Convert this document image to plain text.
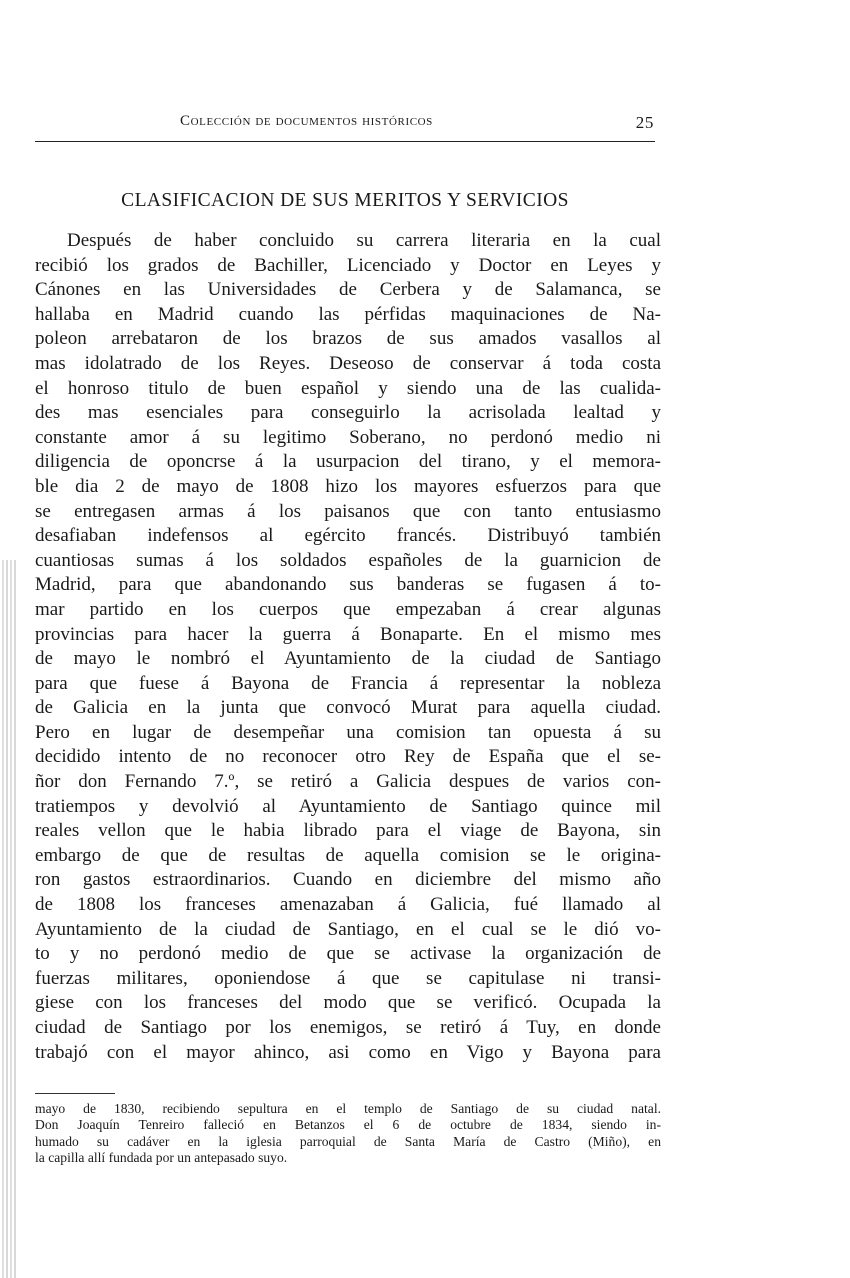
Colección de documentos históricos	25
CLASIFICACION DE SUS MERITOS Y SERVICIOS
Después de haber concluido su carrera literaria en la cual
recibió los grados de Bachiller, Licenciado y Doctor en Leyes y
Cánones en las Universidades de Cerbera y de Salamanca, se
hallaba en Madrid cuando las pérfidas maquinaciones de Na-
poleon arrebataron de los brazos de sus amados vasallos al
mas idolatrado de los Reyes. Deseoso de conservar á toda costa
el honroso titulo de buen español y siendo una de las cualida-
des mas esenciales para conseguirlo la acrisolada lealtad y
constante amor á su legitimo Soberano, no perdonó medio ni
diligencia de oponcrse á la usurpacion del tirano, y el memora-
ble dia 2 de mayo de 1808 hizo los mayores esfuerzos para que
se entregasen armas á los paisanos que con tanto entusiasmo
desafiaban indefensos al egército francés. Distribuyó también
cuantiosas sumas á los soldados españoles de la guarnicion de
Madrid, para que abandonando sus banderas se fugasen á to-
mar partido en los cuerpos que empezaban á crear algunas
provincias para hacer la guerra á Bonaparte. En el mismo mes
de mayo le nombró el Ayuntamiento de la ciudad de Santiago
para que fuese á Bayona de Francia á representar la nobleza
de Galicia en la junta que convocó Murat para aquella ciudad.
Pero en lugar de desempeñar una comision tan opuesta á su
decidido intento de no reconocer otro Rey de España que el se-
ñor don Fernando 7.º, se retiró a Galicia despues de varios con-
tratiempos y devolvió al Ayuntamiento de Santiago quince mil
reales vellon que le habia librado para el viage de Bayona, sin
embargo de que de resultas de aquella comision se le origina-
ron gastos estraordinarios. Cuando en diciembre del mismo año
de 1808 los franceses amenazaban á Galicia, fué llamado al
Ayuntamiento de la ciudad de Santiago, en el cual se le dió vo-
to y no perdonó medio de que se activase la organización de
fuerzas militares, oponiendose á que se capitulase ni transi-
giese con los franceses del modo que se verificó. Ocupada la
ciudad de Santiago por los enemigos, se retiró á Tuy, en donde
trabajó con el mayor ahinco, asi como en Vigo y Bayona para
mayo de 1830, recibiendo sepultura en el templo de Santiago de su ciudad natal.
Don Joaquín Tenreiro falleció en Betanzos el 6 de octubre de 1834, siendo in-
humado su cadáver en la iglesia parroquial de Santa María de Castro (Miño), en
la capilla allí fundada por un antepasado suyo.
